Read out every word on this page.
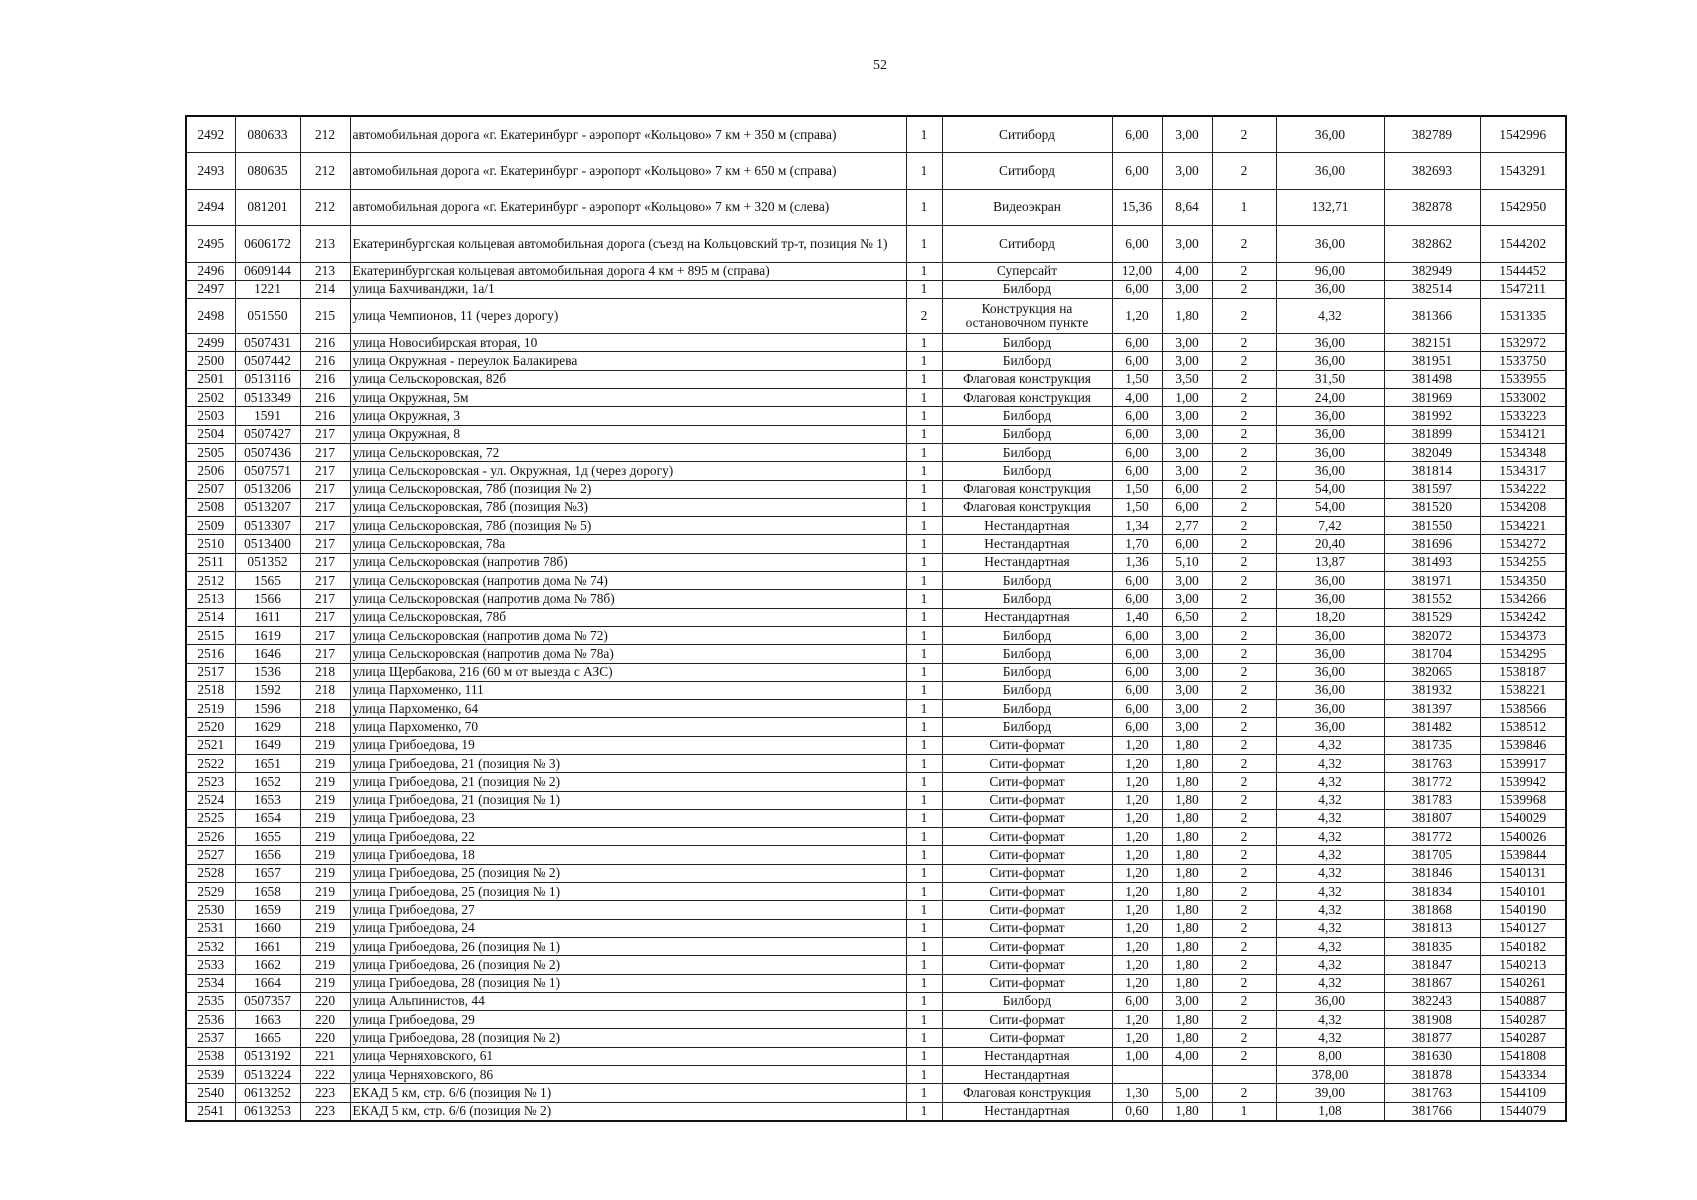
52
2492	080633	212	автомобильная дорога «г. Екатеринбург - аэропорт «Кольцово» 7 км + 350 м (справа)	1	Ситиборд	6,00	3,00	2	36,00	382789	1542996
2493	080635	212	автомобильная дорога «г. Екатеринбург - аэропорт «Кольцово» 7 км + 650 м (справа)	1	Ситиборд	6,00	3,00	2	36,00	382693	1543291
2494	081201	212	автомобильная дорога «г. Екатеринбург - аэропорт «Кольцово» 7 км + 320 м (слева)	1	Видеоэкран	15,36	8,64	1	132,71	382878	1542950
2495	0606172	213	Екатеринбургская кольцевая автомобильная дорога (съезд на Кольцовский тр-т, позиция № 1)	1	Ситиборд	6,00	3,00	2	36,00	382862	1544202
2496	0609144	213	Екатеринбургская кольцевая автомобильная дорога 4 км + 895 м (справа)	1	Суперсайт	12,00	4,00	2	96,00	382949	1544452
2497	1221	214	улица Бахчиванджи, 1а/1	1	Билборд	6,00	3,00	2	36,00	382514	1547211
2498	051550	215	улица Чемпионов, 11 (через дорогу)	2	Конструкция на остановочном пункте	1,20	1,80	2	4,32	381366	1531335
2499	0507431	216	улица Новосибирская вторая, 10	1	Билборд	6,00	3,00	2	36,00	382151	1532972
2500	0507442	216	улица Окружная - переулок Балакирева	1	Билборд	6,00	3,00	2	36,00	381951	1533750
2501	0513116	216	улица Сельскоровская, 82б	1	Флаговая конструкция	1,50	3,50	2	31,50	381498	1533955
2502	0513349	216	улица Окружная, 5м	1	Флаговая конструкция	4,00	1,00	2	24,00	381969	1533002
2503	1591	216	улица Окружная, 3	1	Билборд	6,00	3,00	2	36,00	381992	1533223
2504	0507427	217	улица Окружная, 8	1	Билборд	6,00	3,00	2	36,00	381899	1534121
2505	0507436	217	улица Сельскоровская, 72	1	Билборд	6,00	3,00	2	36,00	382049	1534348
2506	0507571	217	улица Сельскоровская - ул. Окружная, 1д (через дорогу)	1	Билборд	6,00	3,00	2	36,00	381814	1534317
2507	0513206	217	улица Сельскоровская, 78б (позиция № 2)	1	Флаговая конструкция	1,50	6,00	2	54,00	381597	1534222
2508	0513207	217	улица Сельскоровская, 78б (позиция №3)	1	Флаговая конструкция	1,50	6,00	2	54,00	381520	1534208
2509	0513307	217	улица Сельскоровская, 78б (позиция № 5)	1	Нестандартная	1,34	2,77	2	7,42	381550	1534221
2510	0513400	217	улица Сельскоровская, 78а	1	Нестандартная	1,70	6,00	2	20,40	381696	1534272
2511	051352	217	улица Сельскоровская (напротив 78б)	1	Нестандартная	1,36	5,10	2	13,87	381493	1534255
2512	1565	217	улица Сельскоровская (напротив дома № 74)	1	Билборд	6,00	3,00	2	36,00	381971	1534350
2513	1566	217	улица Сельскоровская (напротив дома № 78б)	1	Билборд	6,00	3,00	2	36,00	381552	1534266
2514	1611	217	улица Сельскоровская, 78б	1	Нестандартная	1,40	6,50	2	18,20	381529	1534242
2515	1619	217	улица Сельскоровская (напротив дома № 72)	1	Билборд	6,00	3,00	2	36,00	382072	1534373
2516	1646	217	улица Сельскоровская (напротив дома № 78а)	1	Билборд	6,00	3,00	2	36,00	381704	1534295
2517	1536	218	улица Щербакова, 216 (60 м от выезда с АЗС)	1	Билборд	6,00	3,00	2	36,00	382065	1538187
2518	1592	218	улица Пархоменко, 111	1	Билборд	6,00	3,00	2	36,00	381932	1538221
2519	1596	218	улица Пархоменко, 64	1	Билборд	6,00	3,00	2	36,00	381397	1538566
2520	1629	218	улица Пархоменко, 70	1	Билборд	6,00	3,00	2	36,00	381482	1538512
2521	1649	219	улица Грибоедова, 19	1	Сити-формат	1,20	1,80	2	4,32	381735	1539846
2522	1651	219	улица Грибоедова, 21 (позиция № 3)	1	Сити-формат	1,20	1,80	2	4,32	381763	1539917
2523	1652	219	улица Грибоедова, 21 (позиция № 2)	1	Сити-формат	1,20	1,80	2	4,32	381772	1539942
2524	1653	219	улица Грибоедова, 21 (позиция № 1)	1	Сити-формат	1,20	1,80	2	4,32	381783	1539968
2525	1654	219	улица Грибоедова, 23	1	Сити-формат	1,20	1,80	2	4,32	381807	1540029
2526	1655	219	улица Грибоедова, 22	1	Сити-формат	1,20	1,80	2	4,32	381772	1540026
2527	1656	219	улица Грибоедова, 18	1	Сити-формат	1,20	1,80	2	4,32	381705	1539844
2528	1657	219	улица Грибоедова, 25 (позиция № 2)	1	Сити-формат	1,20	1,80	2	4,32	381846	1540131
2529	1658	219	улица Грибоедова, 25 (позиция № 1)	1	Сити-формат	1,20	1,80	2	4,32	381834	1540101
2530	1659	219	улица Грибоедова, 27	1	Сити-формат	1,20	1,80	2	4,32	381868	1540190
2531	1660	219	улица Грибоедова, 24	1	Сити-формат	1,20	1,80	2	4,32	381813	1540127
2532	1661	219	улица Грибоедова, 26 (позиция № 1)	1	Сити-формат	1,20	1,80	2	4,32	381835	1540182
2533	1662	219	улица Грибоедова, 26 (позиция № 2)	1	Сити-формат	1,20	1,80	2	4,32	381847	1540213
2534	1664	219	улица Грибоедова, 28 (позиция № 1)	1	Сити-формат	1,20	1,80	2	4,32	381867	1540261
2535	0507357	220	улица Альпинистов, 44	1	Билборд	6,00	3,00	2	36,00	382243	1540887
2536	1663	220	улица Грибоедова, 29	1	Сити-формат	1,20	1,80	2	4,32	381908	1540287
2537	1665	220	улица Грибоедова, 28 (позиция № 2)	1	Сити-формат	1,20	1,80	2	4,32	381877	1540287
2538	0513192	221	улица Черняховского, 61	1	Нестандартная	1,00	4,00	2	8,00	381630	1541808
2539	0513224	222	улица Черняховского, 86	1	Нестандартная				378,00	381878	1543334
2540	0613252	223	ЕКАД 5 км, стр. 6/6 (позиция № 1)	1	Флаговая конструкция	1,30	5,00	2	39,00	381763	1544109
2541	0613253	223	ЕКАД 5 км, стр. 6/6 (позиция № 2)	1	Нестандартная	0,60	1,80	1	1,08	381766	1544079
